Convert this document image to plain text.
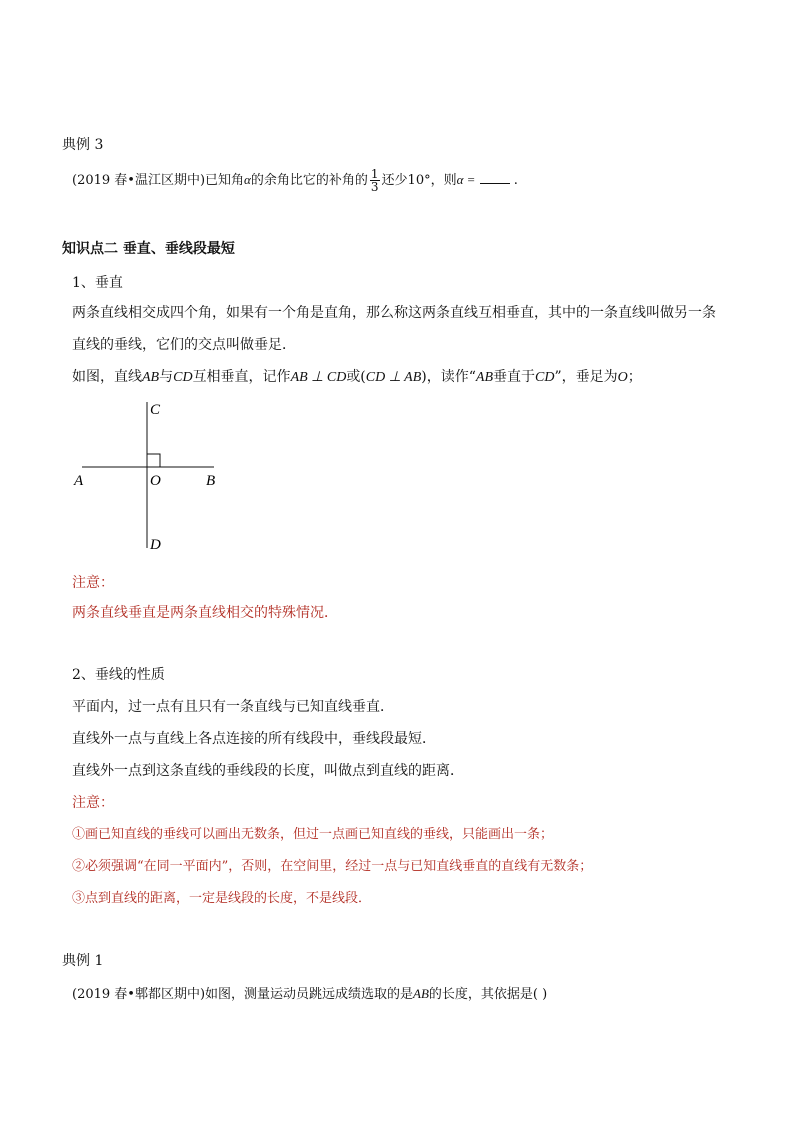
典例 3
(2019 春•温江区期中)已知角α的余角比它的补角的 $\frac{1}{3}$ 还少10°，则α =	.
知识点二 垂直、垂线段最短
1、垂直
两条直线相交成四个角，如果有一个角是直角，那么称这两条直线互相垂直，其中的一条直线叫做另一条
直线的垂线，它们的交点叫做垂足．
如图，直线AB与CD互相垂直，记作AB ⊥ CD或(CD ⊥ AB)，读作“AB垂直于CD”，垂足为O；
C
A	O	B
D
注意：
两条直线垂直是两条直线相交的特殊情况．
2、垂线的性质
平面内，过一点有且只有一条直线与已知直线垂直．
直线外一点与直线上各点连接的所有线段中，垂线段最短．
直线外一点到这条直线的垂线段的长度，叫做点到直线的距离．
注意：
①画已知直线的垂线可以画出无数条，但过一点画已知直线的垂线，只能画出一条；
②必须强调“在同一平面内”，否则，在空间里，经过一点与已知直线垂直的直线有无数条；
③点到直线的距离，一定是线段的长度，不是线段．
典例 1
(2019 春•郫都区期中)如图，测量运动员跳远成绩选取的是AB的长度，其依据是( )
